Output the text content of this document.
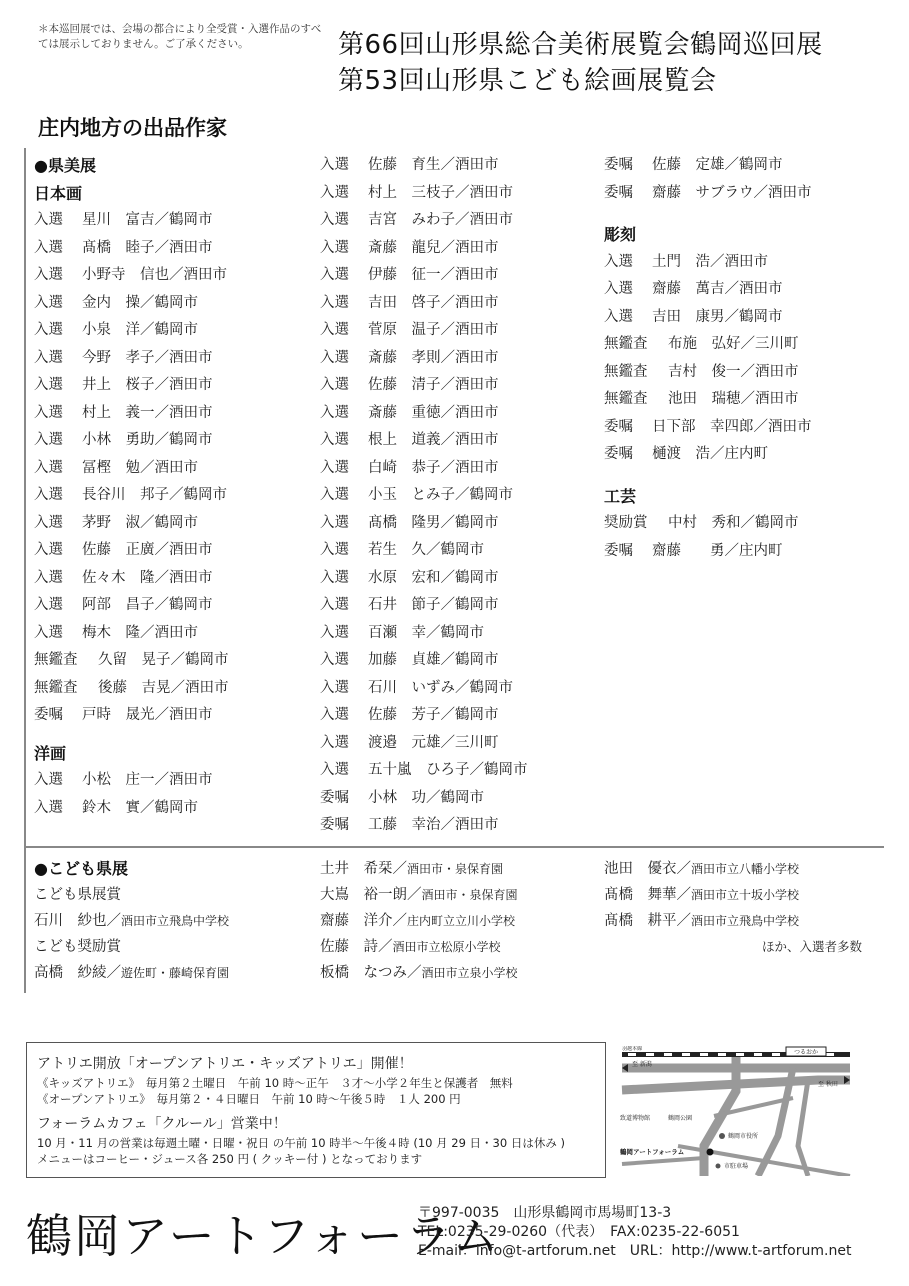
＊本巡回展では、会場の都合により全受賞・入選作品のすべては展示しておりません。ご了承ください。	第66回山形県総合美術展覧会鶴岡巡回展
第53回山形県こども絵画展覧会
庄内地方の出品作家
●県美展
日本画
入選 星川　富吉／鶴岡市
入選 髙橋　睦子／酒田市
入選 小野寺　信也／酒田市
入選 金内　操／鶴岡市
入選 小泉　洋／鶴岡市
入選 今野　孝子／酒田市
入選 井上　桜子／酒田市
入選 村上　義一／酒田市
入選 小林　勇助／鶴岡市
入選 冨樫　勉／酒田市
入選 長谷川　邦子／鶴岡市
入選 茅野　淑／鶴岡市
入選 佐藤　正廣／酒田市
入選 佐々木　隆／酒田市
入選 阿部　昌子／鶴岡市
入選 梅木　隆／酒田市
無鑑査 久留　晃子／鶴岡市
無鑑査 後藤　吉晃／酒田市
委嘱 戸時　晟光／酒田市
洋画
入選 小松　庄一／酒田市
入選 鈴木　實／鶴岡市
入選 佐藤　育生／酒田市
入選 村上　三枝子／酒田市
入選 吉宮　みわ子／酒田市
入選 斎藤　龍兒／酒田市
入選 伊藤　征一／酒田市
入選 吉田　啓子／酒田市
入選 菅原　温子／酒田市
入選 斎藤　孝則／酒田市
入選 佐藤　清子／酒田市
入選 斎藤　重徳／酒田市
入選 根上　道義／酒田市
入選 白崎　恭子／酒田市
入選 小玉　とみ子／鶴岡市
入選 髙橋　隆男／鶴岡市
入選 若生　久／鶴岡市
入選 水原　宏和／鶴岡市
入選 石井　節子／鶴岡市
入選 百瀬　幸／鶴岡市
入選 加藤　貞雄／鶴岡市
入選 石川　いずみ／鶴岡市
入選 佐藤　芳子／鶴岡市
入選 渡邉　元雄／三川町
入選 五十嵐　ひろ子／鶴岡市
委嘱 小林　功／鶴岡市
委嘱 工藤　幸治／酒田市
委嘱 佐藤　定雄／鶴岡市
委嘱 齋藤　サブラウ／酒田市
彫刻
入選 土門　浩／酒田市
入選 齋藤　萬吉／酒田市
入選 吉田　康男／鶴岡市
無鑑査 布施　弘好／三川町
無鑑査 吉村　俊一／酒田市
無鑑査 池田　瑞穂／酒田市
委嘱 日下部　幸四郎／酒田市
委嘱 樋渡　浩／庄内町
工芸
奨励賞 中村　秀和／鶴岡市
委嘱 齋藤　　勇／庄内町
●こども県展
こども県展賞
石川　紗也／酒田市立飛鳥中学校
こども奨励賞
高橋　紗綾／遊佐町・藤崎保育園
土井　希栞／酒田市・泉保育園
大嶌　裕一朗／酒田市・泉保育園
齋藤　洋介／庄内町立立川小学校
佐藤　詩／酒田市立松原小学校
板橋　なつみ／酒田市立泉小学校
池田　優衣／酒田市立八幡小学校
髙橋　舞華／酒田市立十坂小学校
髙橋　耕平／酒田市立飛鳥中学校
ほか、入選者多数
アトリエ開放「オープンアトリエ・キッズアトリエ」開催！
《キッズアトリエ》　毎月第２土曜日　午前 10 時〜正午　３才〜小学２年生と保護者　無料
《オープンアトリエ》　毎月第２・４日曜日　午前 10 時〜午後５時　１人 200 円
フォーラムカフェ「クルール」営業中！
10 月・11 月の営業は毎週土曜・日曜・祝日 の午前 10 時半〜午後４時 (10 月 29 日・30 日は休み )
メニューはコーヒー・ジュース各 250 円 ( クッキー付 ) となっております
つるおか
至 新潟
至 秋田
羽越本線
致道博物館	鶴岡公園
鶴岡市役所
鶴岡アートフォーラム
市駐車場
鶴岡アートフォーラム
〒997-0035　山形県鶴岡市馬場町13-3
TEL:0235-29-0260（代表）　FAX:0235-22-6051
E-mail：info@t-artforum.net　URL：http://www.t-artforum.net
